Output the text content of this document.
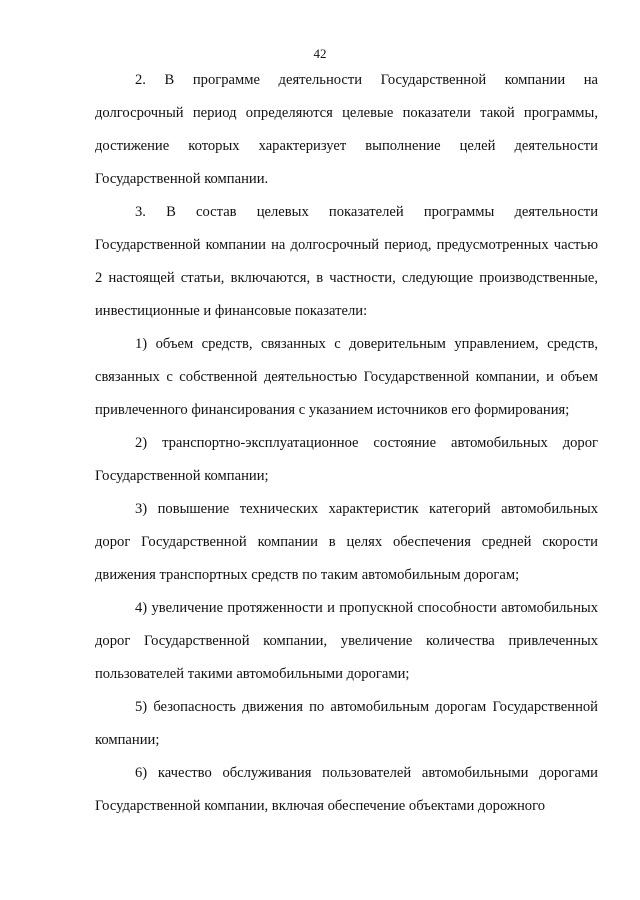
42

2. В программе деятельности Государственной компании на долгосрочный период определяются целевые показатели такой программы, достижение которых характеризует выполнение целей деятельности Государственной компании.

3. В состав целевых показателей программы деятельности Государственной компании на долгосрочный период, предусмотренных частью 2 настоящей статьи, включаются, в частности, следующие производственные, инвестиционные и финансовые показатели:

1) объем средств, связанных с доверительным управлением, средств, связанных с собственной деятельностью Государственной компании, и объем привлеченного финансирования с указанием источников его формирования;

2) транспортно-эксплуатационное состояние автомобильных дорог Государственной компании;

3) повышение технических характеристик категорий автомобильных дорог Государственной компании в целях обеспечения средней скорости движения транспортных средств по таким автомобильным дорогам;

4) увеличение протяженности и пропускной способности автомобильных дорог Государственной компании, увеличение количества привлеченных пользователей такими автомобильными дорогами;

5) безопасность движения по автомобильным дорогам Государственной компании;

6) качество обслуживания пользователей автомобильными дорогами Государственной компании, включая обеспечение объектами дорожного
